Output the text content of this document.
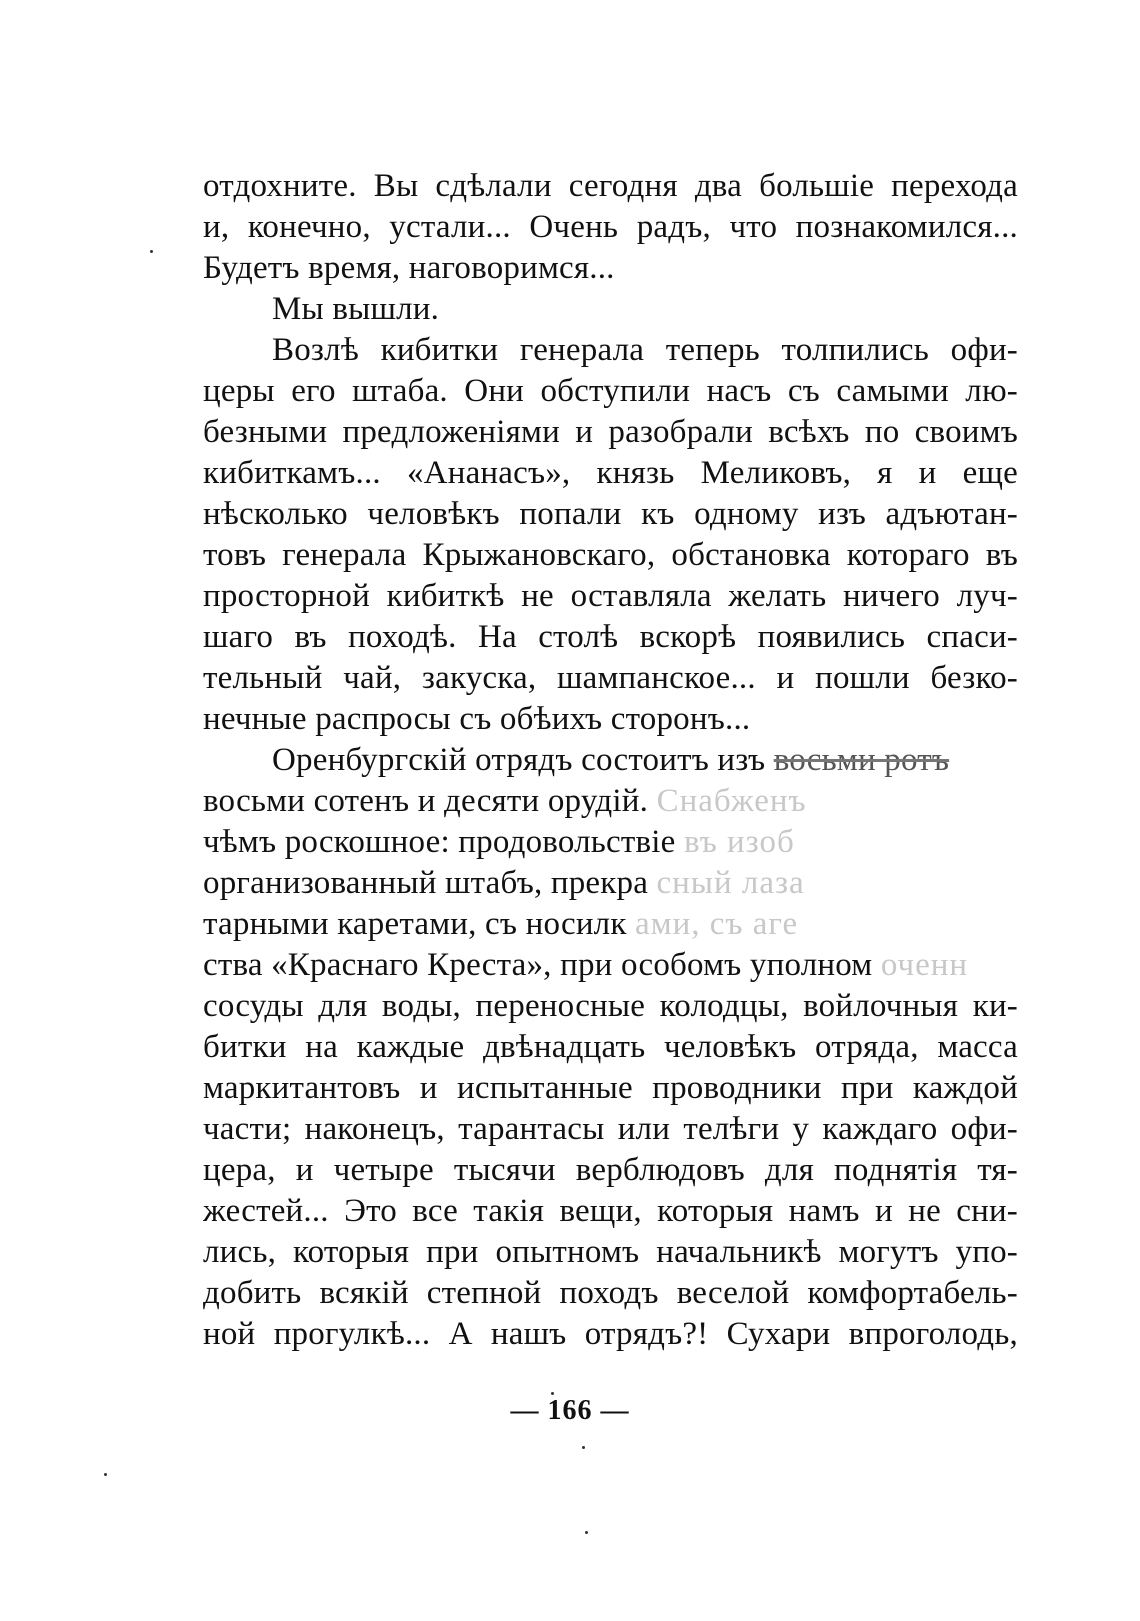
отдохните. Вы сдѣлали сегодня два большіе перехода
и, конечно, устали... Очень радъ, что познакомился...
Будетъ время, наговоримся...
Мы вышли.
Возлѣ кибитки генерала теперь толпились офи-
церы его штаба. Они обступили насъ съ самыми лю-
безными предложеніями и разобрали всѣхъ по своимъ
кибиткамъ... «Ананасъ», князь Меликовъ, я и еще
нѣсколько человѣкъ попали къ одному изъ адъютан-
товъ генерала Крыжановскаго, обстановка котораго въ
просторной кибиткѣ не оставляла желать ничего луч-
шаго въ походѣ. На столѣ вскорѣ появились спаси-
тельный чай, закуска, шампанское... и пошли безко-
нечные распросы съ обѣихъ сторонъ...
Оренбургскій отрядъ состоитъ изъ восьми ротъ
восьми сотенъ и десяти орудій. Снабженъ
чѣмъ роскошное: продовольствіе въ изоб
организованный штабъ, прекра сный лаза
тарными каретами, съ носилк ами, съ аге
ства «Краснаго Креста», при особомъ уполном оченн
сосуды для воды, переносные колодцы, войлочныя ки-
битки на каждые двѣнадцать человѣкъ отряда, масса
маркитантовъ и испытанные проводники при каждой
части; наконецъ, тарантасы или телѣги у каждаго офи-
цера, и четыре тысячи верблюдовъ для поднятія тя-
жестей... Это все такія вещи, которыя намъ и не сни-
лись, которыя при опытномъ начальникѣ могутъ упо-
добить всякій степной походъ веселой комфортабель-
ной прогулкѣ... А нашъ отрядъ?! Сухари впроголодь,
— 166 —
